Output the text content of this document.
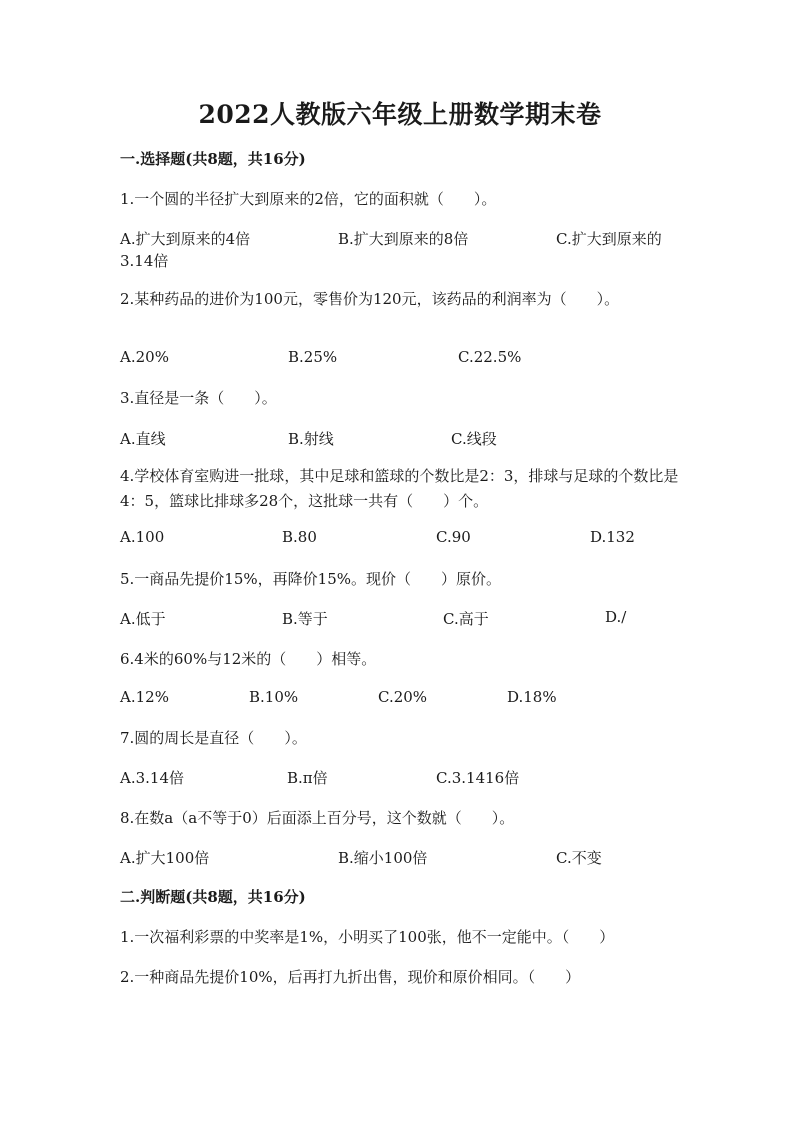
2022人教版六年级上册数学期末卷
一.选择题(共8题，共16分)
1.一个圆的半径扩大到原来的2倍，它的面积就（　　）。
A.扩大到原来的4倍	B.扩大到原来的8倍	C.扩大到原来的
3.14倍
2.某种药品的进价为100元，零售价为120元，该药品的利润率为（　　）。
A.20%	B.25%	C.22.5%
3.直径是一条（　　）。
A.直线	B.射线	C.线段
4.学校体育室购进一批球，其中足球和篮球的个数比是2：3，排球与足球的个数比是4：5，篮球比排球多28个，这批球一共有（　　）个。
A.100	B.80	C.90	D.132
5.一商品先提价15%，再降价15%。现价（　　）原价。
A.低于	B.等于	C.高于	D./
6.4米的60%与12米的（　　）相等。
A.12%	B.10%	C.20%	D.18%
7.圆的周长是直径（　　）。
A.3.14倍	B.π倍	C.3.1416倍
8.在数a（a不等于0）后面添上百分号，这个数就（　　）。
A.扩大100倍	B.缩小100倍	C.不变
二.判断题(共8题，共16分)
1.一次福利彩票的中奖率是1%，小明买了100张，他不一定能中。（　　）
2.一种商品先提价10%，后再打九折出售，现价和原价相同。（　　）
